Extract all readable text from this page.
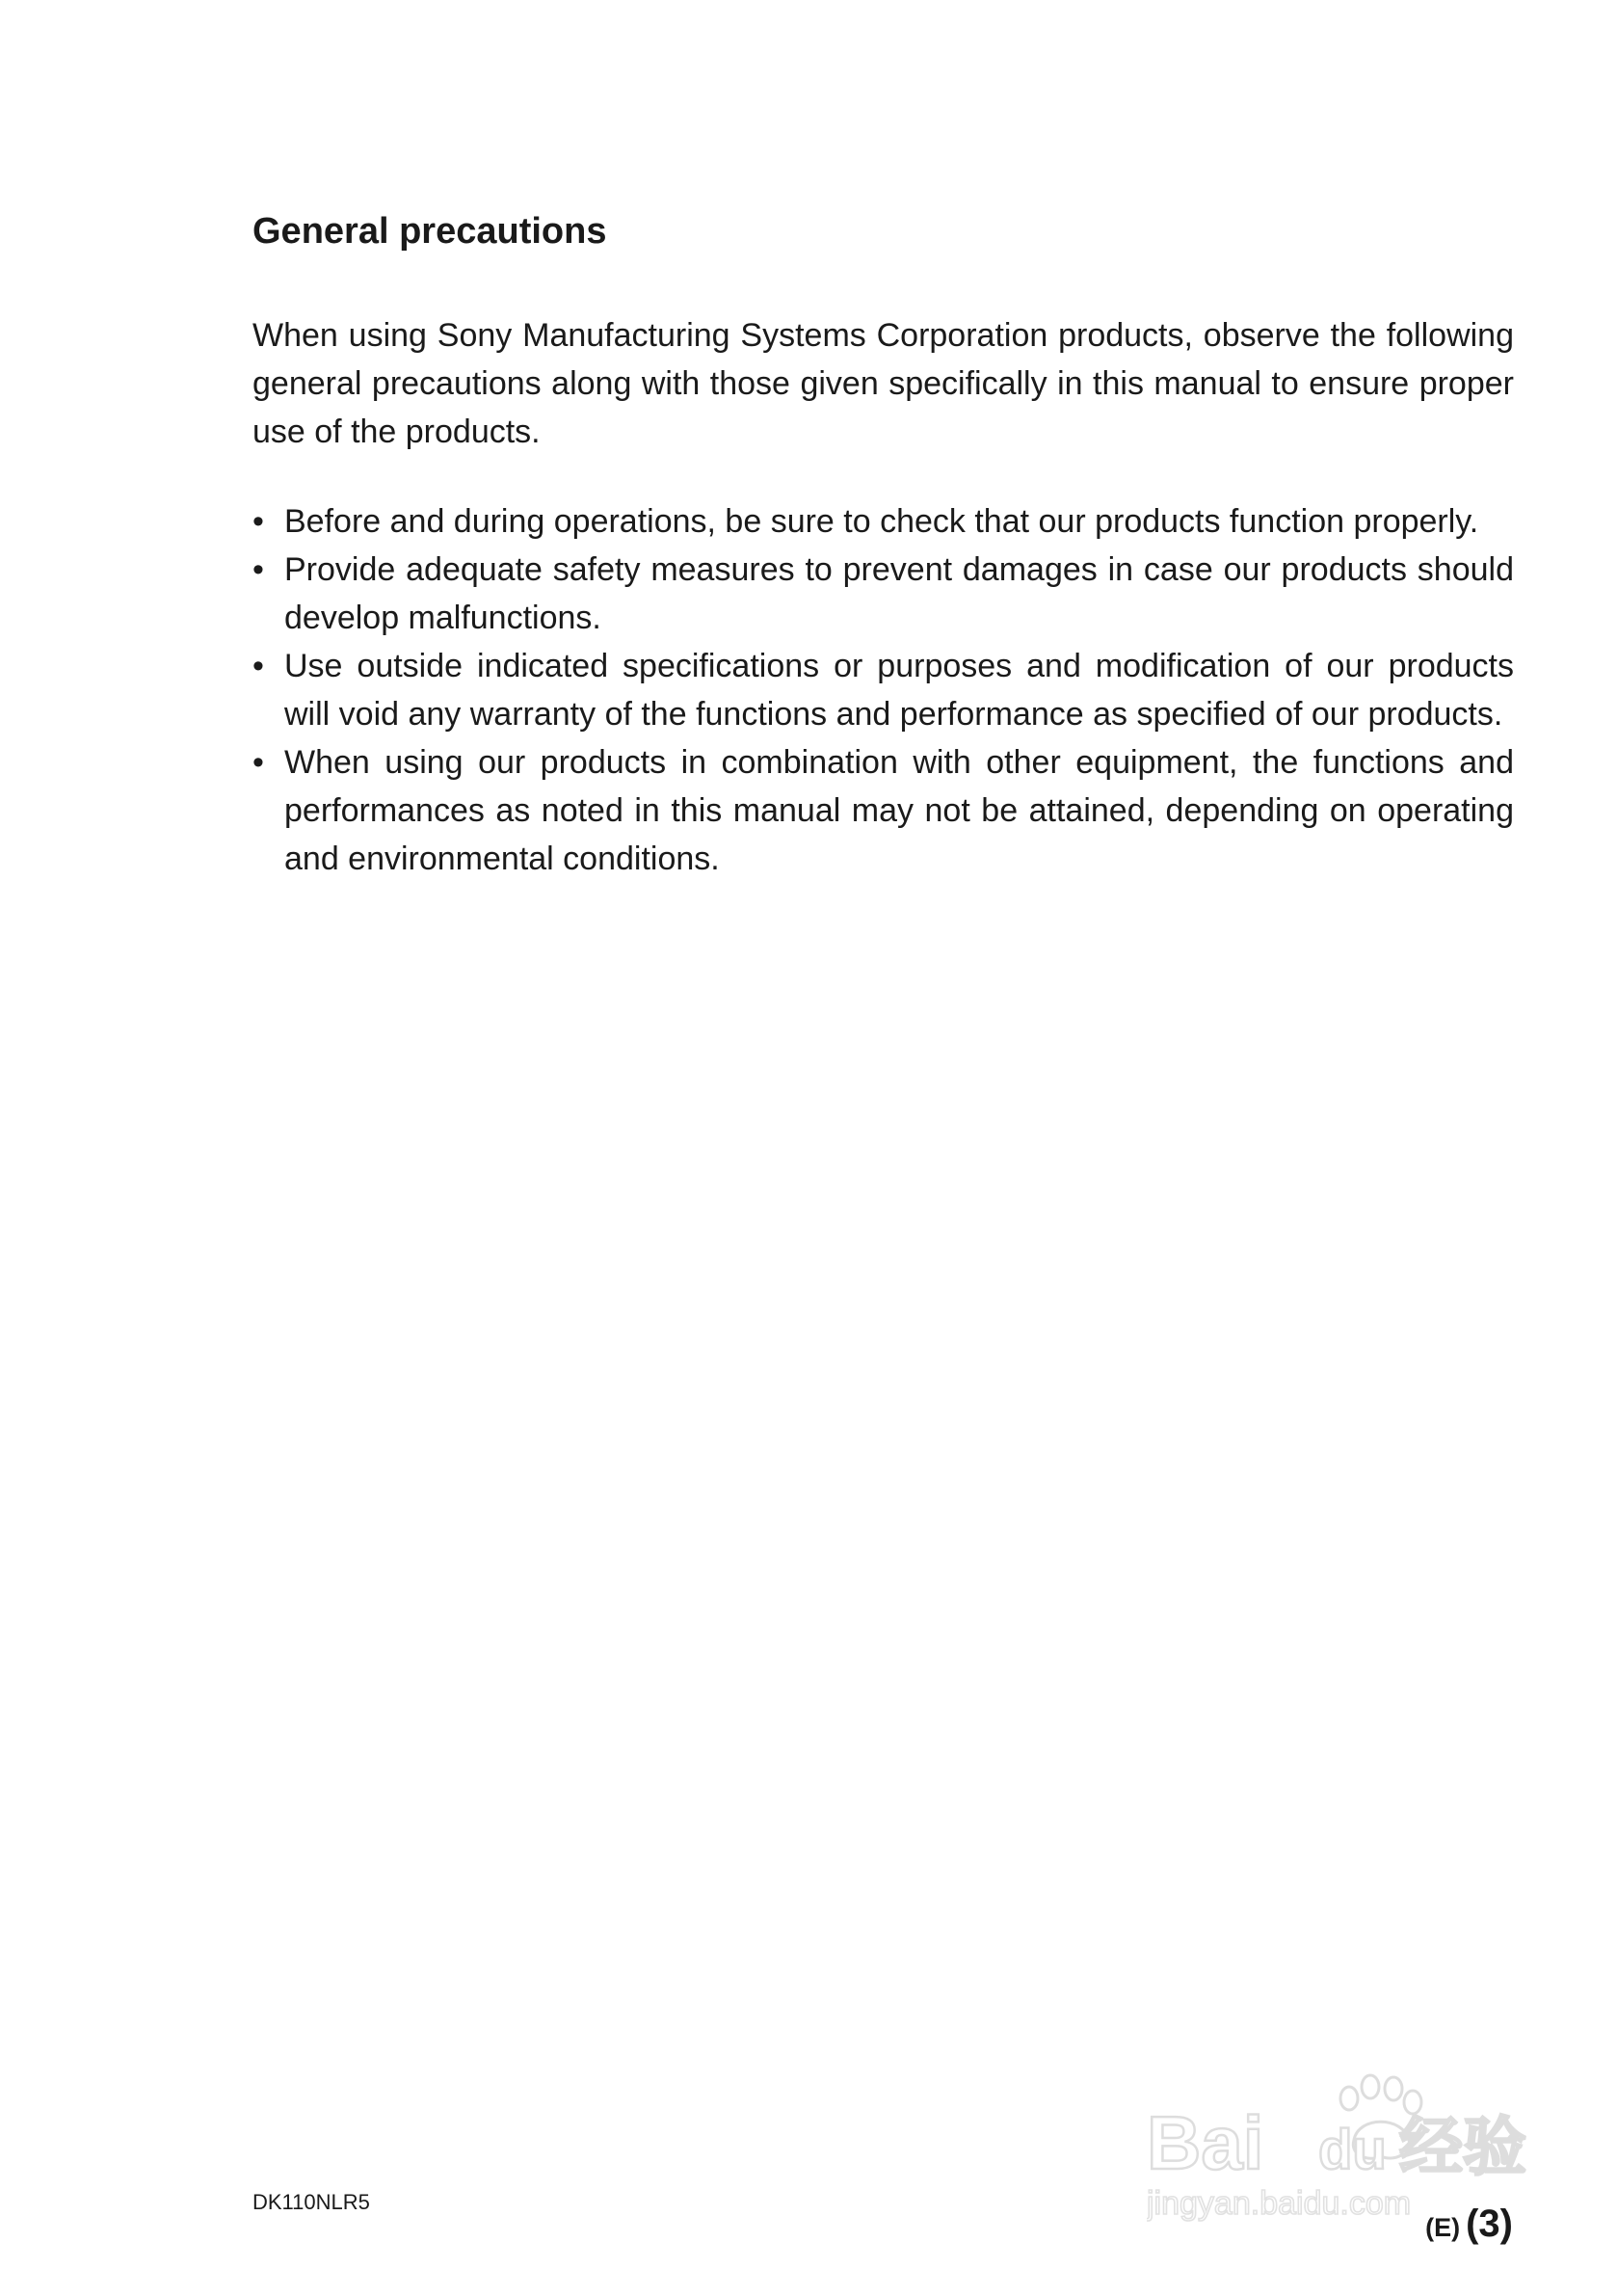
General precautions

When using Sony Manufacturing Systems Corporation products, observe the following general precautions along with those given specifically in this manual to ensure proper use of the products.

• Before and during operations, be sure to check that our products function properly.
• Provide adequate safety measures to prevent damages in case our products should develop malfunctions.
• Use outside indicated specifications or purposes and modification of our products will void any warranty of the functions and performance as specified of our products.
• When using our products in combination with other equipment, the functions and performances as noted in this manual may not be attained, depending on operating and environmental conditions.
Bai du 经验
jingyan.baidu.com
DK110NLR5
(E) (3)
